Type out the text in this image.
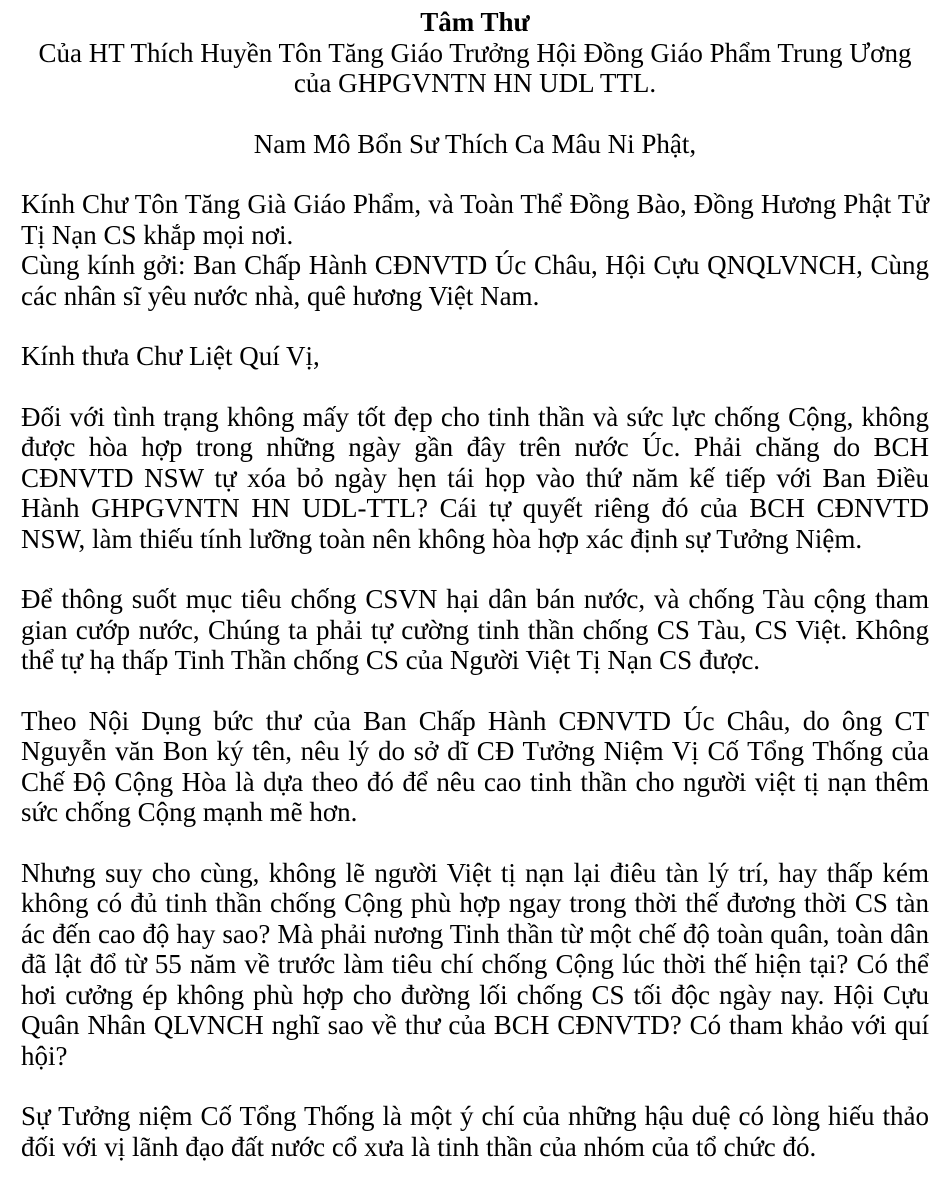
Tâm Thư
Của HT Thích Huyền Tôn Tăng Giáo Trưởng Hội Đồng Giáo Phẩm Trung Ương của GHPGVNTN HN UDL TTL.
Nam Mô Bổn Sư Thích Ca Mâu Ni Phật,
Kính Chư Tôn Tăng Già Giáo Phẩm, và Toàn Thể Đồng Bào, Đồng Hương Phật Tử Tị Nạn CS khắp mọi nơi.
Cùng kính gởi: Ban Chấp Hành CĐNVTD Úc Châu, Hội Cựu QNQLVNCH, Cùng các nhân sĩ yêu nước nhà, quê hương Việt Nam.
Kính thưa Chư Liệt Quí Vị,
Đối với tình trạng không mấy tốt đẹp cho tinh thần và sức lực chống Cộng, không được hòa hợp trong những ngày gần đây trên nước Úc. Phải chăng do BCH CĐNVTD NSW tự xóa bỏ ngày hẹn tái họp vào thứ năm kế tiếp với Ban Điều Hành GHPGVNTN HN UDL-TTL? Cái tự quyết riêng đó của BCH CĐNVTD NSW, làm thiếu tính lưỡng toàn nên không hòa hợp xác định sự Tưởng Niệm.
Để thông suốt mục tiêu chống CSVN hại dân bán nước, và chống Tàu cộng tham gian cướp nước, Chúng ta phải tự cường tinh thần chống CS Tàu, CS Việt. Không thể tự hạ thấp Tinh Thần chống CS của Người Việt Tị Nạn CS được.
Theo Nội Dụng bức thư của Ban Chấp Hành CĐNVTD Úc Châu, do ông CT Nguyễn văn Bon ký tên, nêu lý do sở dĩ CĐ Tưởng Niệm Vị Cố Tổng Thống của Chế Độ Cộng Hòa là dựa theo đó để nêu cao tinh thần cho người việt tị nạn thêm sức chống Cộng mạnh mẽ hơn.
Nhưng suy cho cùng, không lẽ người Việt tị nạn lại điêu tàn lý trí, hay thấp kém không có đủ tinh thần chống Cộng phù hợp ngay trong thời thế đương thời CS tàn ác đến cao độ hay sao? Mà phải nương Tinh thần từ một chế độ toàn quân, toàn dân đã lật đổ từ 55 năm về trước làm tiêu chí chống Cộng lúc thời thế hiện tại? Có thể hơi cưởng ép không phù hợp cho đường lối chống CS tối độc ngày nay. Hội Cựu Quân Nhân QLVNCH nghĩ sao về thư của BCH CĐNVTD? Có tham khảo với quí hội?
Sự Tưởng niệm Cố Tổng Thống là một ý chí của những hậu duệ có lòng hiếu thảo đối với vị lãnh đạo đất nước cổ xưa là tinh thần của nhóm của tổ chức đó.
